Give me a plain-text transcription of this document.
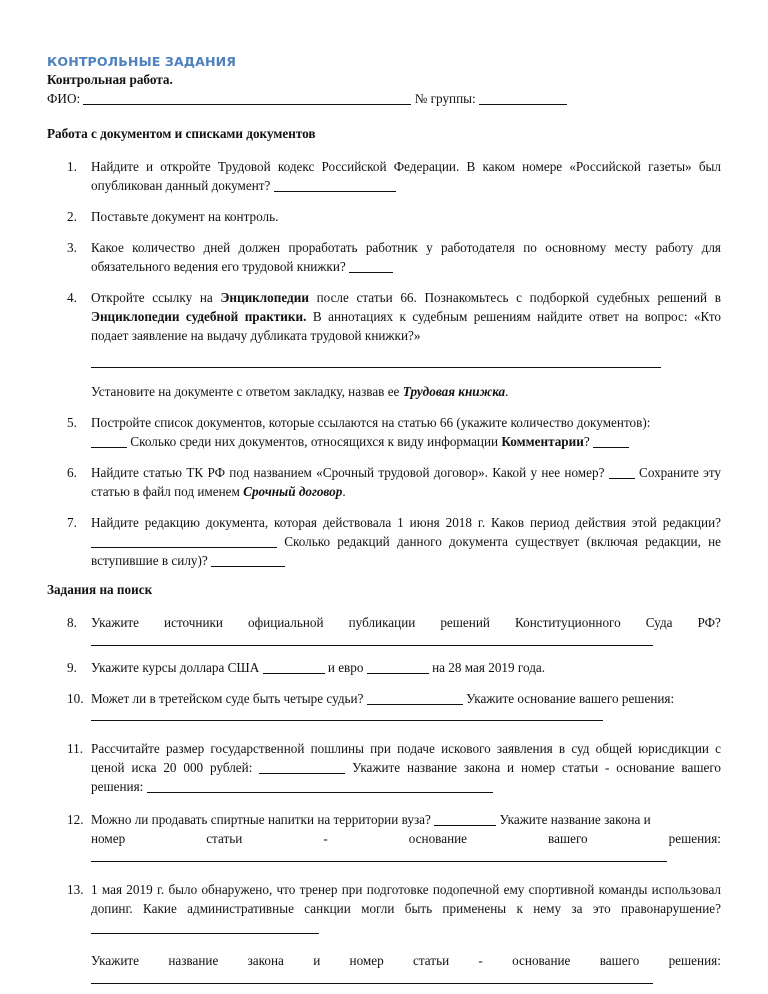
КОНТРОЛЬНЫЕ ЗАДАНИЯ

Контрольная работа.

ФИО:	№ группы:

Работа с документом и списками документов

1. Найдите и откройте Трудовой кодекс Российской Федерации. В каком номере «Российской газеты» был опубликован данный документ?

2. Поставьте документ на контроль.

3. Какое количество дней должен проработать работник у работодателя по основному месту работу для обязательного ведения его трудовой книжки?

4. Откройте ссылку на Энциклопедии после статьи 66. Познакомьтесь с подборкой судебных решений в Энциклопедии судебной практики. В аннотациях к судебным решениям найдите ответ на вопрос: «Кто подает заявление на выдачу дубликата трудовой книжки?»

Установите на документе с ответом закладку, назвав ее Трудовая книжка.

5. Постройте список документов, которые ссылаются на статью 66 (укажите количество документов):
Сколько среди них документов, относящихся к виду информации Комментарии?

6. Найдите статью ТК РФ под названием «Срочный трудовой договор». Какой у нее номер?	Сохраните эту статью в файл под именем Срочный договор.

7. Найдите редакцию документа, которая действовала 1 июня 2018 г. Каков период действия этой редакции?  Сколько редакций данного документа существует (включая редакции, не вступившие в силу)?

Задания на поиск

8. Укажите источники официальной публикации решений Конституционного Суда РФ?
9. Укажите курсы доллара США	и евро	на 28 мая 2019 года.

10. Может ли в третейском суде быть четыре судьи?	Укажите основание вашего решения:

11. Рассчитайте размер государственной пошлины при подаче искового заявления в суд общей юрисдикции с ценой иска 20 000 рублей:	Укажите название закона и номер статьи - основание вашего решения:

12. Можно ли продавать спиртные напитки на территории вуза?	Укажите название закона и

номер	статьи	-	основание	вашего	решения:
13. 1 мая 2019 г. было обнаружено, что тренер при подготовке подопечной ему спортивной команды использовал допинг. Какие административные санкции могли быть применены к нему за это правонарушение?

Укажите название закона и номер статьи - основание вашего решения:
